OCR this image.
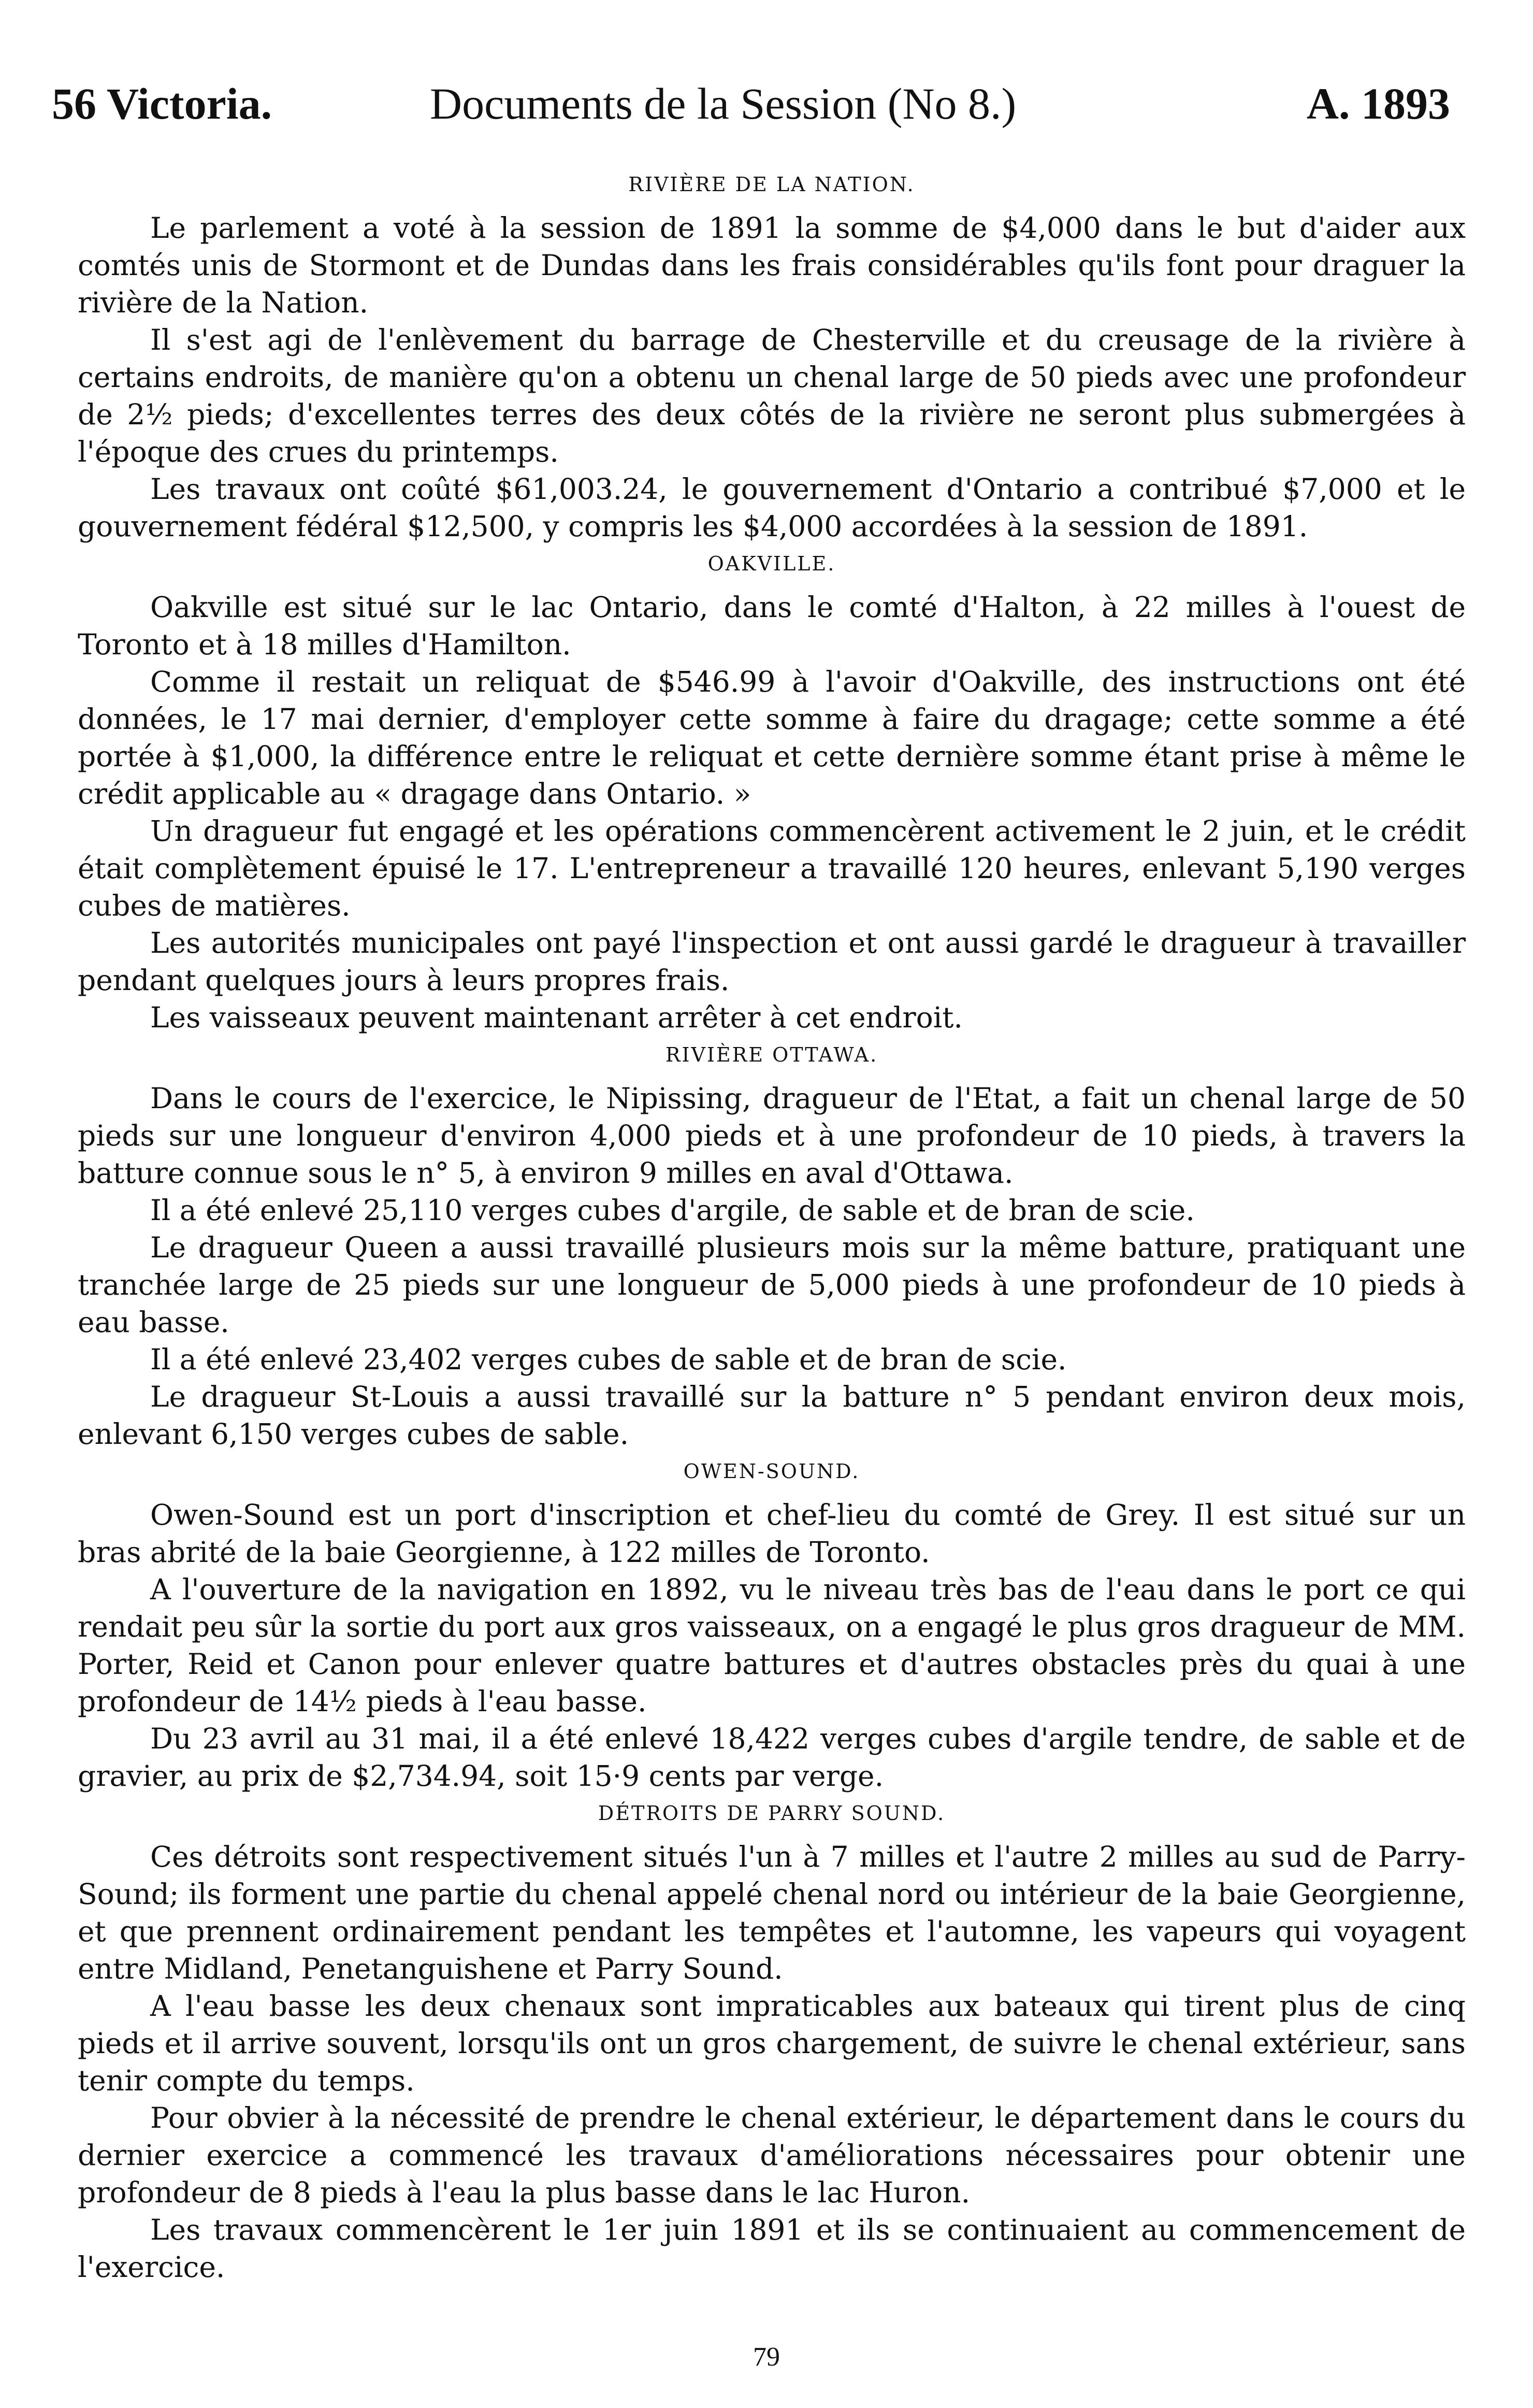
56 Victoria.	Documents de la Session (No 8.)	A. 1893
RIVIÈRE DE LA NATION.

Le parlement a voté à la session de 1891 la somme de $4,000 dans le but d'aider aux comtés unis de Stormont et de Dundas dans les frais considérables qu'ils font pour draguer la rivière de la Nation.

Il s'est agi de l'enlèvement du barrage de Chesterville et du creusage de la rivière à certains endroits, de manière qu'on a obtenu un chenal large de 50 pieds avec une profondeur de 2½ pieds; d'excellentes terres des deux côtés de la rivière ne seront plus submergées à l'époque des crues du printemps.

Les travaux ont coûté $61,003.24, le gouvernement d'Ontario a contribué $7,000 et le gouvernement fédéral $12,500, y compris les $4,000 accordées à la session de 1891.

OAKVILLE.

Oakville est situé sur le lac Ontario, dans le comté d'Halton, à 22 milles à l'ouest de Toronto et à 18 milles d'Hamilton.

Comme il restait un reliquat de $546.99 à l'avoir d'Oakville, des instructions ont été données, le 17 mai dernier, d'employer cette somme à faire du dragage; cette somme a été portée à $1,000, la différence entre le reliquat et cette dernière somme étant prise à même le crédit applicable au « dragage dans Ontario. »

Un dragueur fut engagé et les opérations commencèrent activement le 2 juin, et le crédit était complètement épuisé le 17. L'entrepreneur a travaillé 120 heures, enlevant 5,190 verges cubes de matières.

Les autorités municipales ont payé l'inspection et ont aussi gardé le dragueur à travailler pendant quelques jours à leurs propres frais.

Les vaisseaux peuvent maintenant arrêter à cet endroit.

RIVIÈRE OTTAWA.

Dans le cours de l'exercice, le Nipissing, dragueur de l'Etat, a fait un chenal large de 50 pieds sur une longueur d'environ 4,000 pieds et à une profondeur de 10 pieds, à travers la batture connue sous le n° 5, à environ 9 milles en aval d'Ottawa.

Il a été enlevé 25,110 verges cubes d'argile, de sable et de bran de scie.

Le dragueur Queen a aussi travaillé plusieurs mois sur la même batture, pratiquant une tranchée large de 25 pieds sur une longueur de 5,000 pieds à une profondeur de 10 pieds à eau basse.

Il a été enlevé 23,402 verges cubes de sable et de bran de scie.

Le dragueur St-Louis a aussi travaillé sur la batture n° 5 pendant environ deux mois, enlevant 6,150 verges cubes de sable.

OWEN-SOUND.

Owen-Sound est un port d'inscription et chef-lieu du comté de Grey. Il est situé sur un bras abrité de la baie Georgienne, à 122 milles de Toronto.

A l'ouverture de la navigation en 1892, vu le niveau très bas de l'eau dans le port ce qui rendait peu sûr la sortie du port aux gros vaisseaux, on a engagé le plus gros dragueur de MM. Porter, Reid et Canon pour enlever quatre battures et d'autres obstacles près du quai à une profondeur de 14½ pieds à l'eau basse.

Du 23 avril au 31 mai, il a été enlevé 18,422 verges cubes d'argile tendre, de sable et de gravier, au prix de $2,734.94, soit 15·9 cents par verge.

DÉTROITS DE PARRY SOUND.

Ces détroits sont respectivement situés l'un à 7 milles et l'autre 2 milles au sud de Parry-Sound; ils forment une partie du chenal appelé chenal nord ou intérieur de la baie Georgienne, et que prennent ordinairement pendant les tempêtes et l'automne, les vapeurs qui voyagent entre Midland, Penetanguishene et Parry Sound.

A l'eau basse les deux chenaux sont impraticables aux bateaux qui tirent plus de cinq pieds et il arrive souvent, lorsqu'ils ont un gros chargement, de suivre le chenal extérieur, sans tenir compte du temps.

Pour obvier à la nécessité de prendre le chenal extérieur, le département dans le cours du dernier exercice a commencé les travaux d'améliorations nécessaires pour obtenir une profondeur de 8 pieds à l'eau la plus basse dans le lac Huron.

Les travaux commencèrent le 1er juin 1891 et ils se continuaient au commencement de l'exercice.

79
